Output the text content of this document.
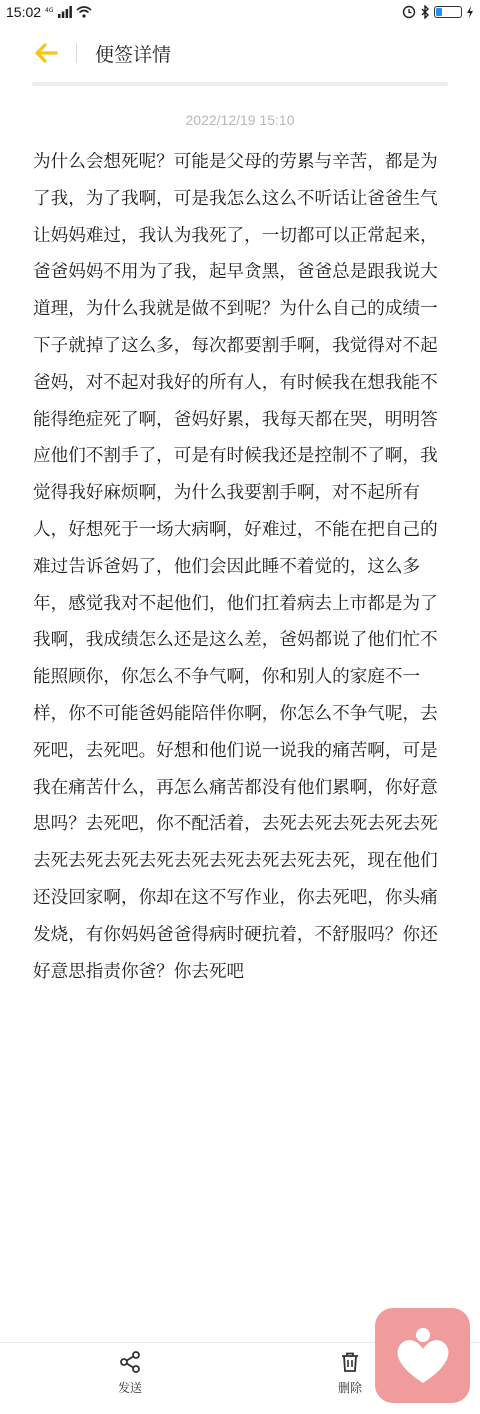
15:02 4G
便签详情
2022/12/19 15:10
为什么会想死呢？可能是父母的劳累与辛苦，都是为了我，为了我啊，可是我怎么这么不听话让爸爸生气让妈妈难过，我认为我死了，一切都可以正常起来，爸爸妈妈不用为了我，起早贪黑，爸爸总是跟我说大道理，为什么我就是做不到呢？为什么自己的成绩一下子就掉了这么多，每次都要割手啊，我觉得对不起爸妈，对不起对我好的所有人，有时候我在想我能不能得绝症死了啊，爸妈好累，我每天都在哭，明明答应他们不割手了，可是有时候我还是控制不了啊，我觉得我好麻烦啊，为什么我要割手啊，对不起所有人，好想死于一场大病啊，好难过，不能在把自己的难过告诉爸妈了，他们会因此睡不着觉的，这么多年，感觉我对不起他们，他们扛着病去上市都是为了我啊，我成绩怎么还是这么差，爸妈都说了他们忙不能照顾你，你怎么不争气啊，你和别人的家庭不一样，你不可能爸妈能陪伴你啊，你怎么不争气呢，去死吧，去死吧。好想和他们说一说我的痛苦啊，可是我在痛苦什么，再怎么痛苦都没有他们累啊，你好意思吗？去死吧，你不配活着，去死去死去死去死去死去死去死去死去死去死去死去死去死去死，现在他们还没回家啊，你却在这不写作业，你去死吧，你头痛发烧，有你妈妈爸爸得病时硬抗着，不舒服吗？你还好意思指责你爸？你去死吧
发送	删除
